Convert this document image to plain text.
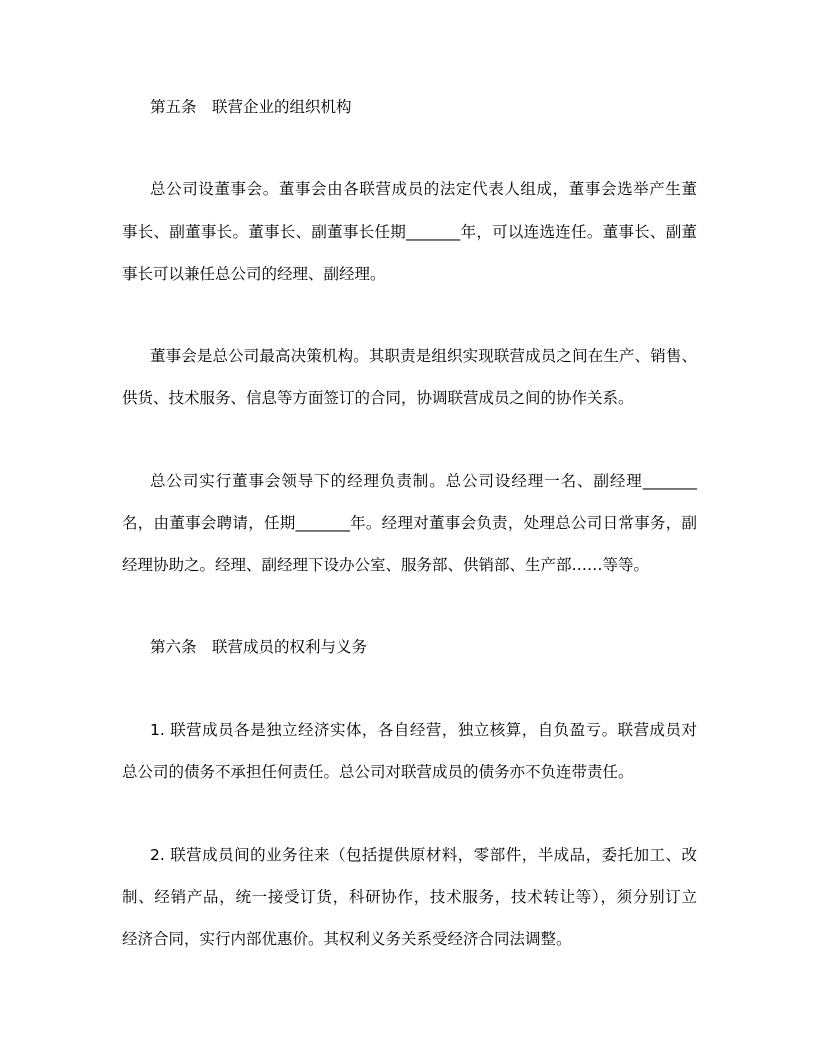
第五条　联营企业的组织机构
总公司设董事会。董事会由各联营成员的法定代表人组成，董事会选举产生董
事长、副董事长。董事长、副董事长任期_______年，可以连选连任。董事长、副董
事长可以兼任总公司的经理、副经理。
董事会是总公司最高决策机构。其职责是组织实现联营成员之间在生产、销售、
供货、技术服务、信息等方面签订的合同，协调联营成员之间的协作关系。
总公司实行董事会领导下的经理负责制。总公司设经理一名、副经理_______
名，由董事会聘请，任期_______年。经理对董事会负责，处理总公司日常事务，副
经理协助之。经理、副经理下设办公室、服务部、供销部、生产部……等等。
第六条　联营成员的权利与义务
1. 联营成员各是独立经济实体，各自经营，独立核算，自负盈亏。联营成员对
总公司的债务不承担任何责任。总公司对联营成员的债务亦不负连带责任。
2. 联营成员间的业务往来（包括提供原材料，零部件，半成品，委托加工、改
制、经销产品，统一接受订货，科研协作，技术服务，技术转让等），须分别订立
经济合同，实行内部优惠价。其权利义务关系受经济合同法调整。
